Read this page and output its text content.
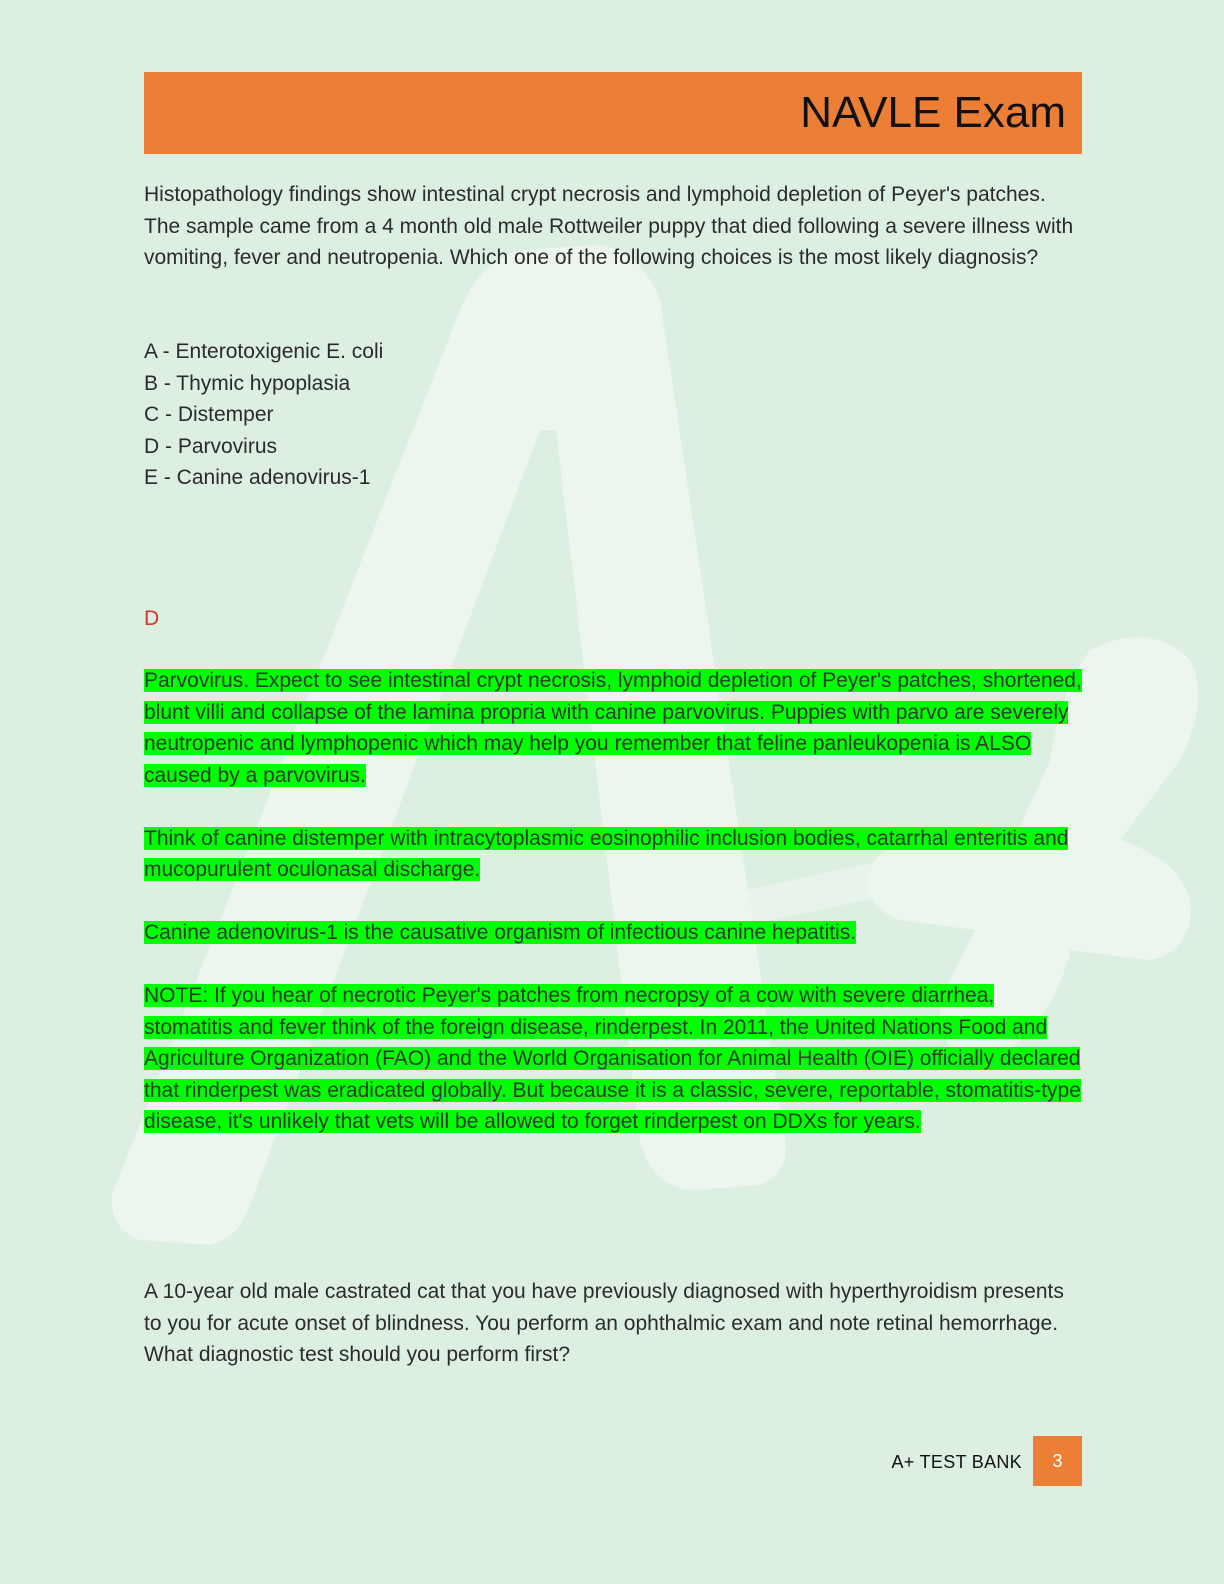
NAVLE Exam

Histopathology findings show intestinal crypt necrosis and lymphoid depletion of Peyer's patches. The sample came from a 4 month old male Rottweiler puppy that died following a severe illness with vomiting, fever and neutropenia. Which one of the following choices is the most likely diagnosis?

A - Enterotoxigenic E. coli

B - Thymic hypoplasia

C - Distemper

D - Parvovirus

E - Canine adenovirus-1

D

Parvovirus. Expect to see intestinal crypt necrosis, lymphoid depletion of Peyer's patches, shortened, blunt villi and collapse of the lamina propria with canine parvovirus. Puppies with parvo are severely neutropenic and lymphopenic which may help you remember that feline panleukopenia is ALSO caused by a parvovirus.

Think of canine distemper with intracytoplasmic eosinophilic inclusion bodies, catarrhal enteritis and mucopurulent oculonasal discharge.

Canine adenovirus-1 is the causative organism of infectious canine hepatitis.

NOTE: If you hear of necrotic Peyer's patches from necropsy of a cow with severe diarrhea, stomatitis and fever think of the foreign disease, rinderpest. In 2011, the United Nations Food and Agriculture Organization (FAO) and the World Organisation for Animal Health (OIE) officially declared that rinderpest was eradicated globally. But because it is a classic, severe, reportable, stomatitis-type disease, it's unlikely that vets will be allowed to forget rinderpest on DDXs for years.

A 10-year old male castrated cat that you have previously diagnosed with hyperthyroidism presents to you for acute onset of blindness. You perform an ophthalmic exam and note retinal hemorrhage. What diagnostic test should you perform first?

A+ TEST BANK 3
